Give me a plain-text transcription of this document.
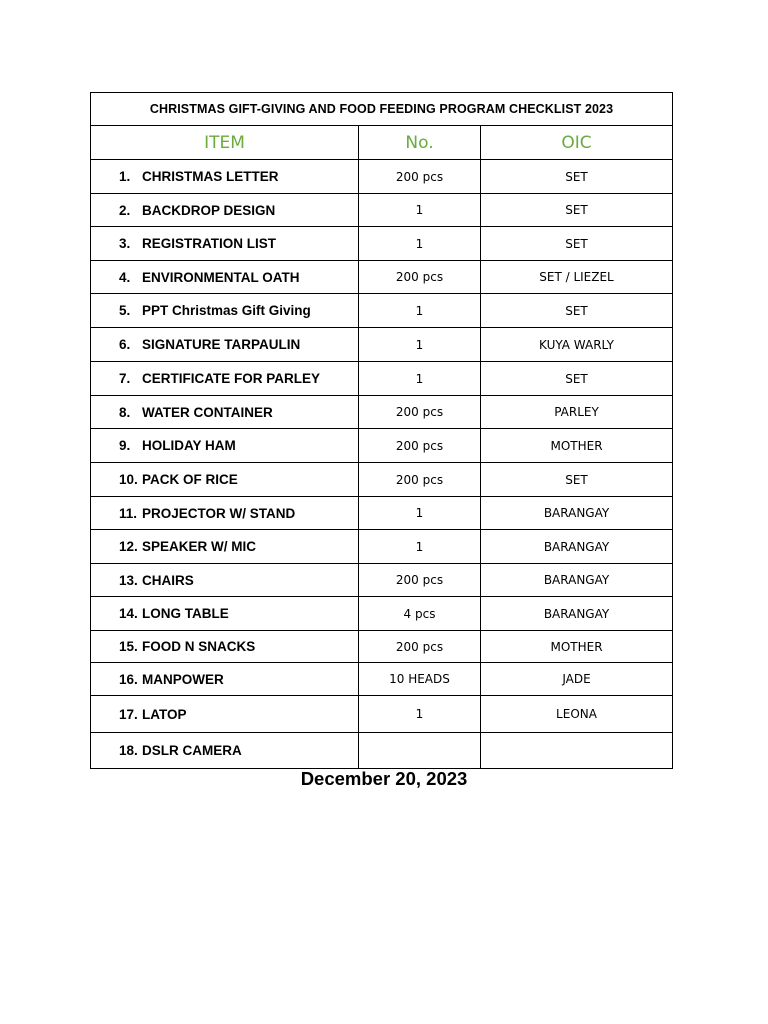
CHRISTMAS GIFT-GIVING AND FOOD FEEDING PROGRAM CHECKLIST 2023		
ITEM	No.	OIC
1. CHRISTMAS LETTER	200 pcs	SET
2. BACKDROP DESIGN	1	SET
3. REGISTRATION LIST	1	SET
4. ENVIRONMENTAL OATH	200 pcs	SET / LIEZEL
5. PPT Christmas Gift Giving	1	SET
6. SIGNATURE TARPAULIN	1	KUYA WARLY
7. CERTIFICATE FOR PARLEY	1	SET
8. WATER CONTAINER	200 pcs	PARLEY
9. HOLIDAY HAM	200 pcs	MOTHER
10. PACK OF RICE	200 pcs	SET
11. PROJECTOR W/ STAND	1	BARANGAY
12. SPEAKER W/ MIC	1	BARANGAY
13. CHAIRS	200 pcs	BARANGAY
14. LONG TABLE	4 pcs	BARANGAY
15. FOOD N SNACKS	200 pcs	MOTHER
16. MANPOWER	10 HEADS	JADE
17. LATOP	1	LEONA
18. DSLR CAMERA		
December 20, 2023
